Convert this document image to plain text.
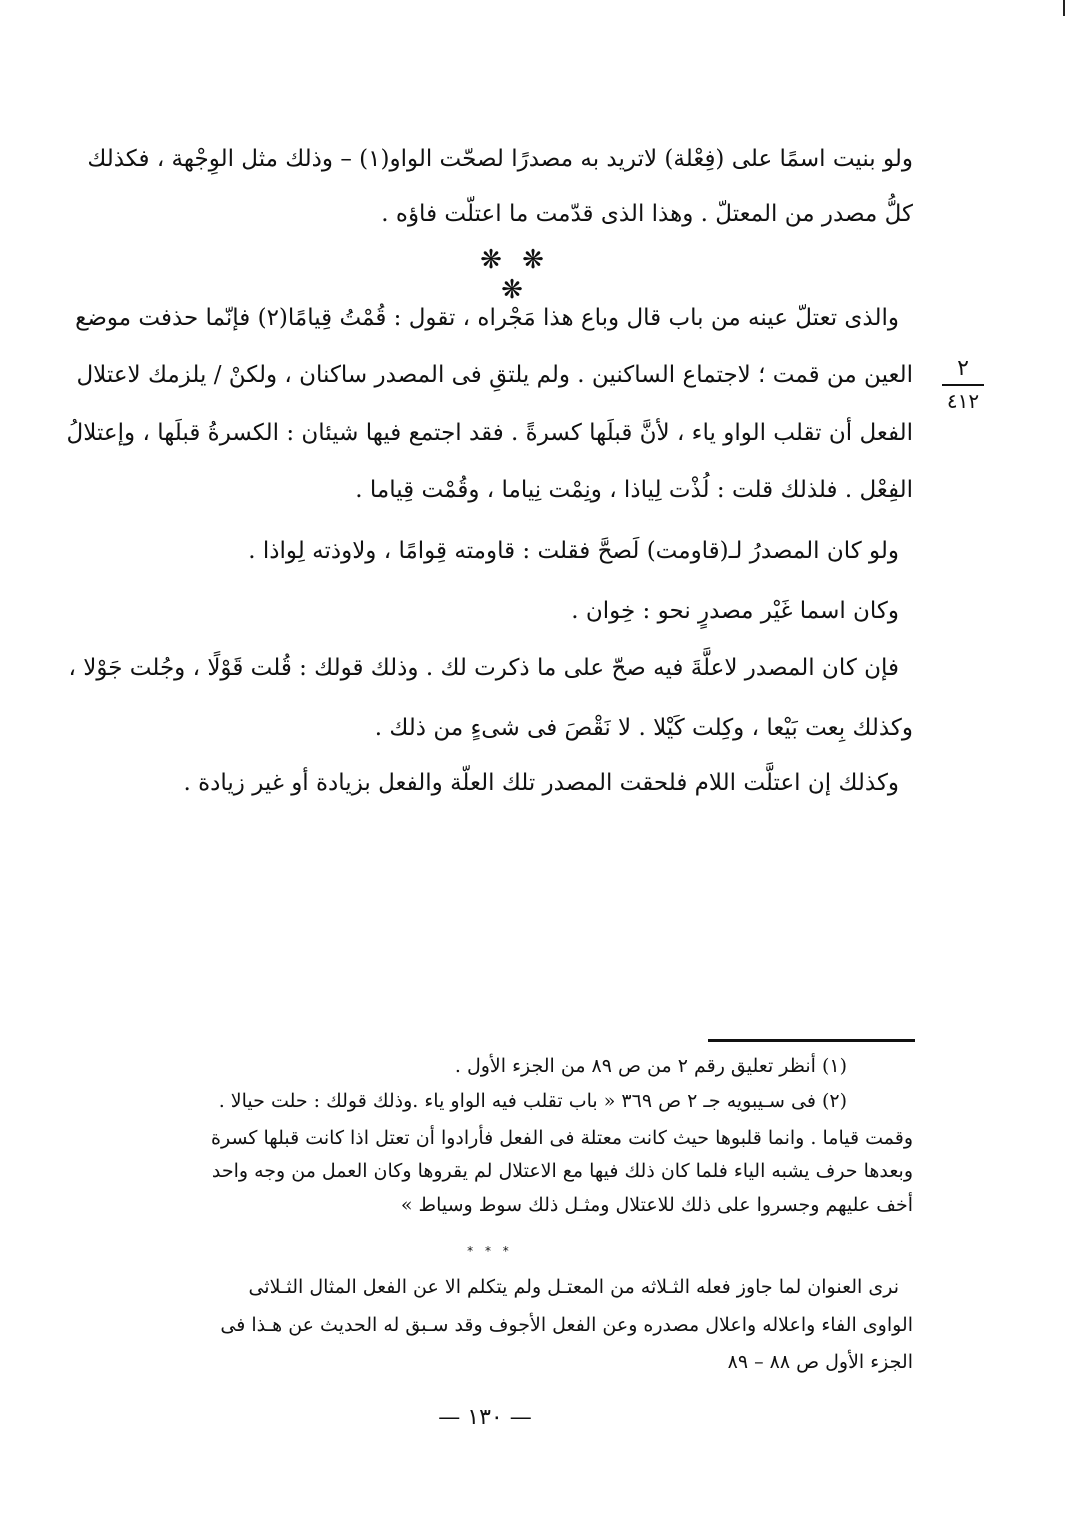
ولو بنيت اسمًا على (فِعْلة) لاتريد به مصدرًا لصحّت الواو(١) – وذلك مثل الوِجْهة ، فكذلك
كلُّ مصدر من المعتلّ . وهذا الذى قدّمت ما اعتلّت فاؤه .
❋ ❋ ❋
والذى تعتلّ عينه من باب قال وباع هذا مَجْراه ، تقول : قُمْتُ قِيامًا(٢) فإنّما حذفت موضع
العين من قمت ؛ لاجتماع الساكنين . ولم يلتقِ فى المصدر ساكنان ، ولكنْ / يلزمك لاعتلال
الفعل أن تقلب الواو ياء ، لأنَّ قبلَها كسرةً . فقد اجتمع فيها شيئان : الكسرةُ قبلَها ، وإعتلالُ
الفِعْل . فلذلك قلت : لُذْت لِياذا ، ونِمْت نِياما ، وقُمْت قِياما .
ولو كان المصدرُ لـ(قاومت) لَصحَّ فقلت : قاومته قِوامًا ، ولاوذته لِواذا .
وكان اسما غَيْر مصدرٍ نحو : خِوان .
فإن كان المصدر لاعلَّةَ فيه صحّ على ما ذكرت لك . وذلك قولك : قُلت قَوْلًا ، وجُلت جَوْلا ،
وكذلك بِعت بَيْعا ، وكِلت كَيْلا . لا نَقْصَ فى شىءٍ من ذلك .
وكذلك إن اعتلَّت اللام فلحقت المصدر تلك العلّة والفعل بزيادة أو غير زيادة .
٢
٤١٢
(١) أنظر تعليق رقم ٢ من ص ٨٩ من الجزء الأول .
(٢) فى سـيبويه جـ ٢ ص ٣٦٩ « باب تقلب فيه الواو ياء .وذلك قولك : حلت حيالا .
وقمت قياما . وانما قلبوها حيث كانت معتلة فى الفعل فأرادوا أن تعتل اذا كانت قبلها كسرة
وبعدها حرف يشبه الياء فلما كان ذلك فيها مع الاعتلال لم يقروها وكان العمل من وجه واحد
أخف عليهم وجسروا على ذلك للاعتلال ومثـل ذلك سوط وسياط »
* * *
نرى العنوان لما جاوز فعله الثـلاثه من المعتـل ولم يتكلم الا عن الفعل المثال الثـلاثى
الواوى الفاء واعلاله واعلال مصدره وعن الفعل الأجوف وقد سـبق له الحديث عن هـذا فى
الجزء الأول ص ٨٨ – ٨٩
— ١٣٠ —
